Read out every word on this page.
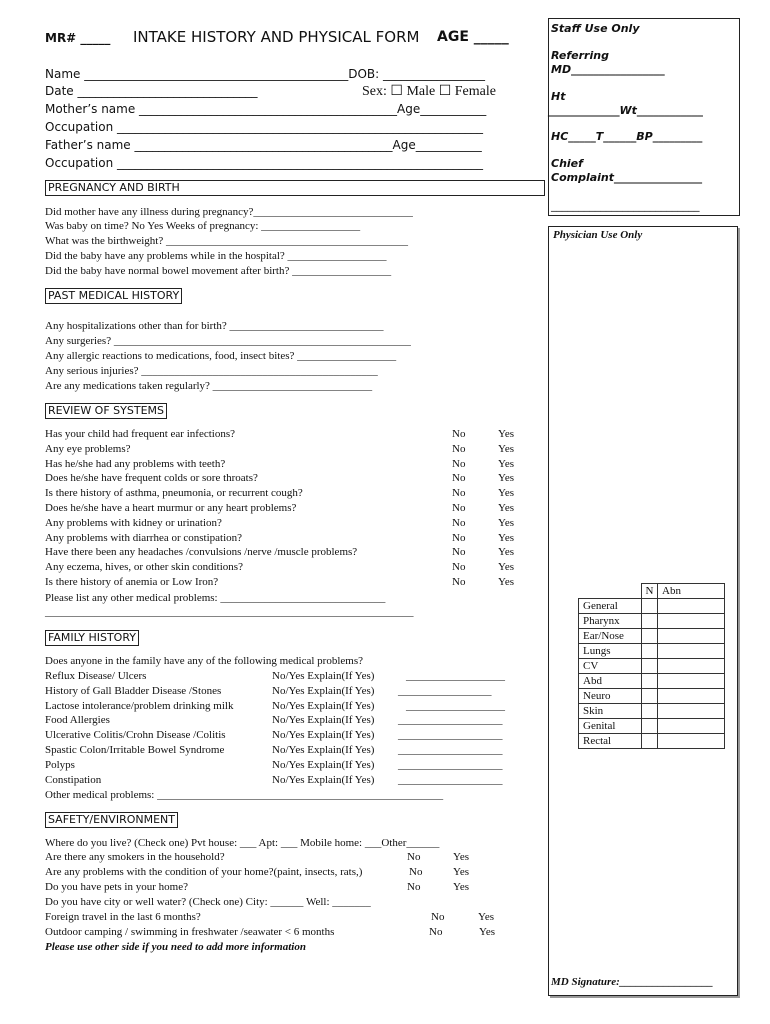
MR# _____ INTAKE HISTORY AND PHYSICAL FORM AGE _____
Name ____________________________________________DOB: _________________
Date ______________________________	Sex: ☐ Male ☐ Female
Mother’s name ___________________________________________Age___________
Occupation _____________________________________________________________
Father’s name ___________________________________________Age___________
Occupation _____________________________________________________________
Staff Use Only
Referring
MD_________________
Ht
_____________Wt____________
HC_____T______BP_________
Chief
Complaint________________
___________________________
Physician Use Only
MD Signature:_________________
	N	Abn
General		
Pharynx		
Ear/Nose		
Lungs		
CV		
Abd		
Neuro		
Skin		
Genital		
Rectal		
PREGNANCY AND BIRTH
Did mother have any illness during pregnancy?_____________________________
Was baby on time? No Yes Weeks of pregnancy: __________________
What was the birthweight? ____________________________________________
Did the baby have any problems while in the hospital? __________________
Did the baby have normal bowel movement after birth? __________________
PAST MEDICAL HISTORY
Any hospitalizations other than for birth? ____________________________
Any surgeries? ______________________________________________________
Any allergic reactions to medications, food, insect bites? __________________
Any serious injuries? ___________________________________________
Are any medications taken regularly? _____________________________
REVIEW OF SYSTEMS
Has your child had frequent ear infections?	No	Yes
Any eye problems?	No	Yes
Has he/she had any problems with teeth?	No	Yes
Does he/she have frequent colds or sore throats?	No	Yes
Is there history of asthma, pneumonia, or recurrent cough?	No	Yes
Does he/she have a heart murmur or any heart problems?	No	Yes
Any problems with kidney or urination?	No	Yes
Any problems with diarrhea or constipation?	No	Yes
Have there been any headaches /convulsions /nerve /muscle problems?	No	Yes
Any eczema, hives, or other skin conditions?	No	Yes
Is there history of anemia or Low Iron?	No	Yes
Please list any other medical problems: ______________________________
___________________________________________________________________
FAMILY HISTORY
Does anyone in the family have any of the following medical problems?
Reflux Disease/ Ulcers	No/Yes Explain(If Yes)	__________________
History of Gall Bladder Disease /Stones	No/Yes Explain(If Yes) _________________
Lactose intolerance/problem drinking milk	No/Yes Explain(If Yes)	__________________
Food Allergies	No/Yes Explain(If Yes) ___________________
Ulcerative Colitis/Crohn Disease /Colitis	No/Yes Explain(If Yes) ___________________
Spastic Colon/Irritable Bowel Syndrome	No/Yes Explain(If Yes) ___________________
Polyps	No/Yes Explain(If Yes) ___________________
Constipation	No/Yes Explain(If Yes) ___________________
Other medical problems: ____________________________________________________
SAFETY/ENVIRONMENT
Where do you live? (Check one) Pvt house: ___ Apt: ___ Mobile home: ___Other______
Are there any smokers in the household?	No	Yes
Are any problems with the condition of your home?(paint, insects, rats,)	No	Yes
Do you have pets in your home?	No	Yes
Do you have city or well water? (Check one) City: ______ Well: _______
Foreign travel in the last 6 months?	No	Yes
Outdoor camping / swimming in freshwater /seawater < 6 months	No	Yes
Please use other side if you need to add more information
